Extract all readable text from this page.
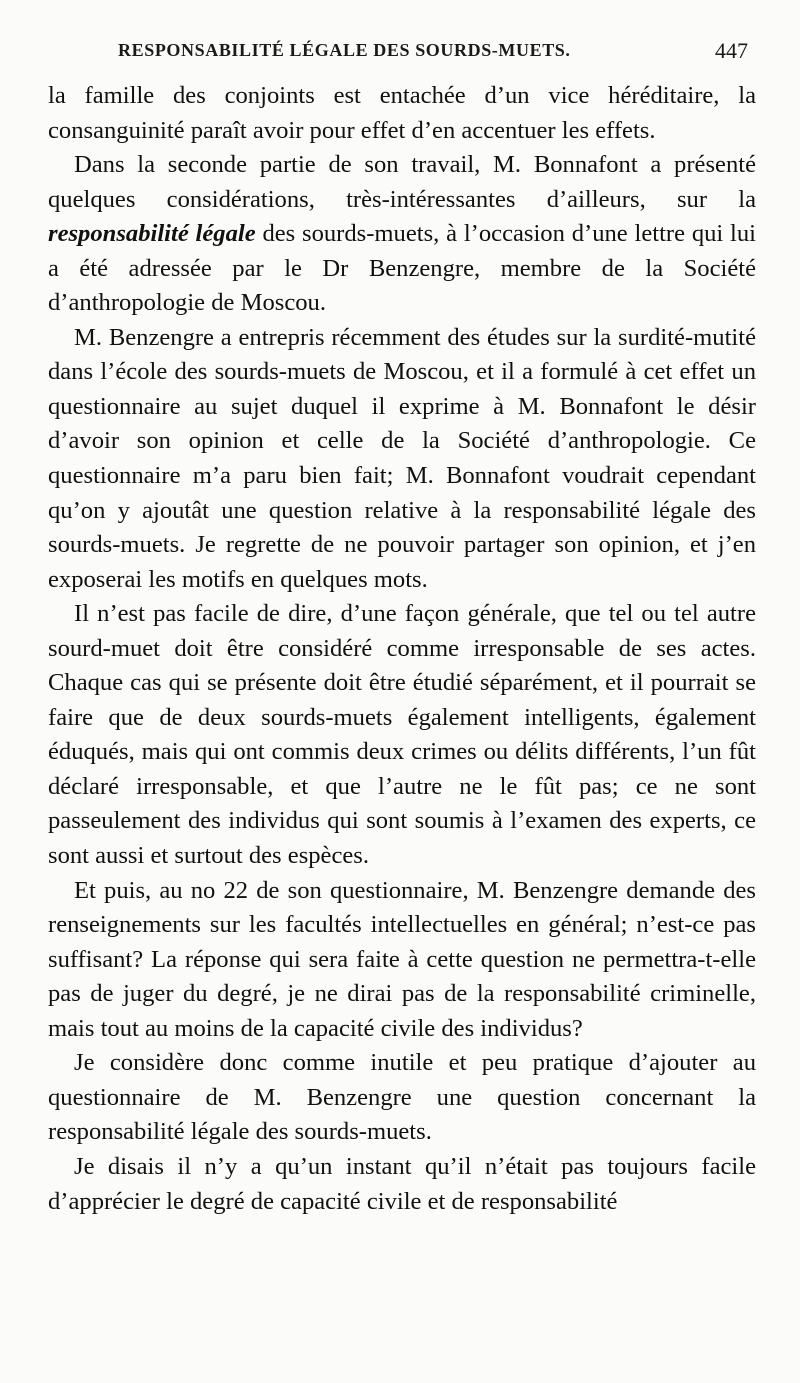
RESPONSABILITÉ LÉGALE DES SOURDS-MUETS.	447

la famille des conjoints est entachée d’un vice héréditaire, la consanguinité paraît avoir pour effet d’en accentuer les effets.

Dans la seconde partie de son travail, M. Bonnafont a présenté quelques considérations, très-intéressantes d’ailleurs, sur la responsabilité légale des sourds-muets, à l’occasion d’une lettre qui lui a été adressée par le Dr Benzengre, membre de la Société d’anthropologie de Moscou.

M. Benzengre a entrepris récemment des études sur la surdité-mutité dans l’école des sourds-muets de Moscou, et il a formulé à cet effet un questionnaire au sujet duquel il exprime à M. Bonnafont le désir d’avoir son opinion et celle de la Société d’anthropologie. Ce questionnaire m’a paru bien fait; M. Bonnafont voudrait cependant qu’on y ajoutât une question relative à la responsabilité légale des sourds-muets. Je regrette de ne pouvoir partager son opinion, et j’en exposerai les motifs en quelques mots.

Il n’est pas facile de dire, d’une façon générale, que tel ou tel autre sourd-muet doit être considéré comme irresponsable de ses actes. Chaque cas qui se présente doit être étudié séparément, et il pourrait se faire que de deux sourds-muets également intelligents, également éduqués, mais qui ont commis deux crimes ou délits différents, l’un fût déclaré irresponsable, et que l’autre ne le fût pas; ce ne sont passeulement des individus qui sont soumis à l’examen des experts, ce sont aussi et surtout des espèces.

Et puis, au no 22 de son questionnaire, M. Benzengre demande des renseignements sur les facultés intellectuelles en général; n’est-ce pas suffisant? La réponse qui sera faite à cette question ne permettra-t-elle pas de juger du degré, je ne dirai pas de la responsabilité criminelle, mais tout au moins de la capacité civile des individus?

Je considère donc comme inutile et peu pratique d’ajouter au questionnaire de M. Benzengre une question concernant la responsabilité légale des sourds-muets.

Je disais il n’y a qu’un instant qu’il n’était pas toujours facile d’apprécier le degré de capacité civile et de responsabilité
